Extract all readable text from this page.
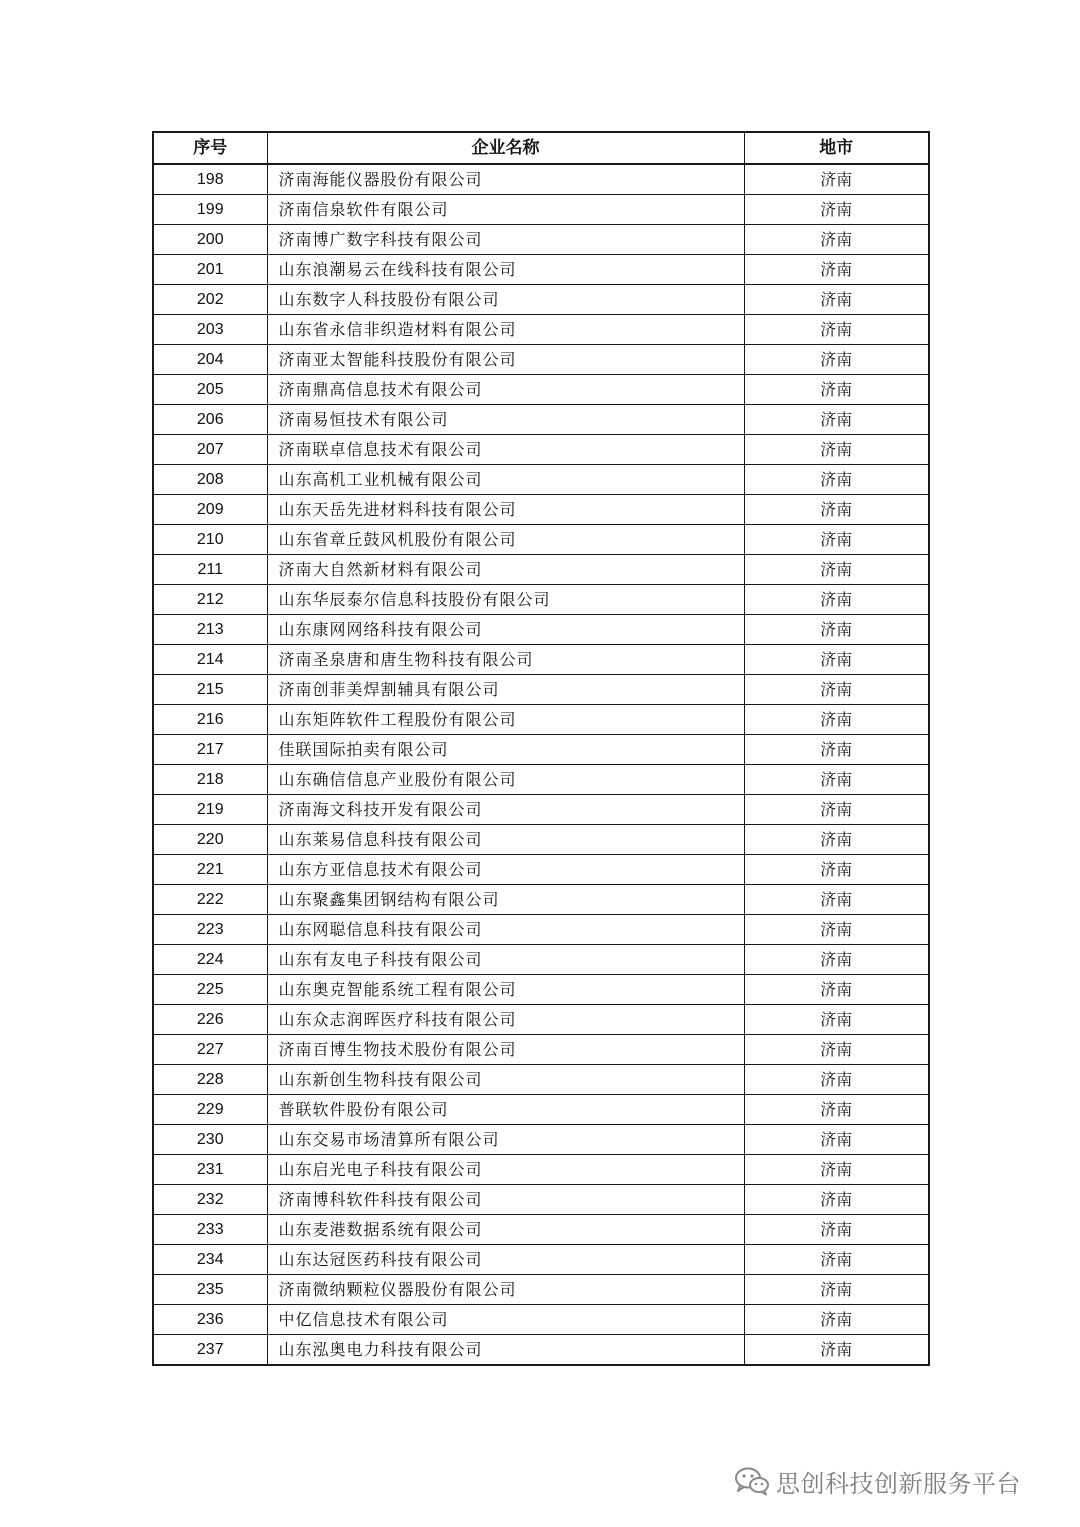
序号	企业名称	地市
198	济南海能仪器股份有限公司	济南
199	济南信泉软件有限公司	济南
200	济南博广数字科技有限公司	济南
201	山东浪潮易云在线科技有限公司	济南
202	山东数字人科技股份有限公司	济南
203	山东省永信非织造材料有限公司	济南
204	济南亚太智能科技股份有限公司	济南
205	济南鼎高信息技术有限公司	济南
206	济南易恒技术有限公司	济南
207	济南联卓信息技术有限公司	济南
208	山东高机工业机械有限公司	济南
209	山东天岳先进材料科技有限公司	济南
210	山东省章丘鼓风机股份有限公司	济南
211	济南大自然新材料有限公司	济南
212	山东华辰泰尔信息科技股份有限公司	济南
213	山东康网网络科技有限公司	济南
214	济南圣泉唐和唐生物科技有限公司	济南
215	济南创菲美焊割辅具有限公司	济南
216	山东矩阵软件工程股份有限公司	济南
217	佳联国际拍卖有限公司	济南
218	山东确信信息产业股份有限公司	济南
219	济南海文科技开发有限公司	济南
220	山东莱易信息科技有限公司	济南
221	山东方亚信息技术有限公司	济南
222	山东聚鑫集团钢结构有限公司	济南
223	山东网聪信息科技有限公司	济南
224	山东有友电子科技有限公司	济南
225	山东奥克智能系统工程有限公司	济南
226	山东众志润晖医疗科技有限公司	济南
227	济南百博生物技术股份有限公司	济南
228	山东新创生物科技有限公司	济南
229	普联软件股份有限公司	济南
230	山东交易市场清算所有限公司	济南
231	山东启光电子科技有限公司	济南
232	济南博科软件科技有限公司	济南
233	山东麦港数据系统有限公司	济南
234	山东达冠医药科技有限公司	济南
235	济南微纳颗粒仪器股份有限公司	济南
236	中亿信息技术有限公司	济南
237	山东泓奥电力科技有限公司	济南
思创科技创新服务平台
